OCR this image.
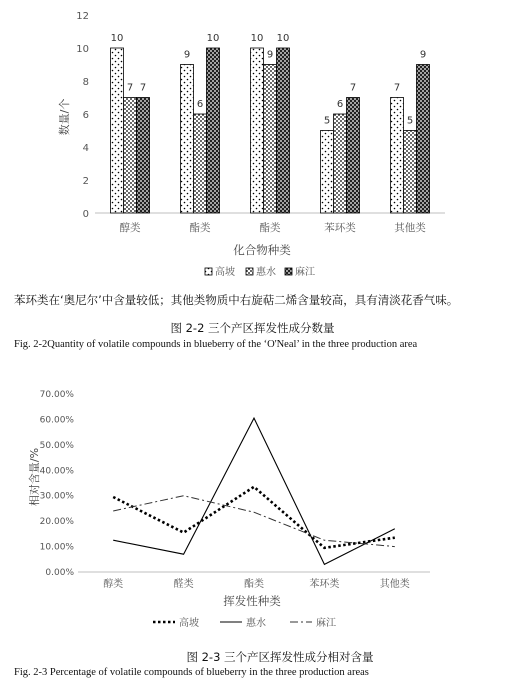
0
2
4
6
8
10
12
醇类	酯类	酯类	苯环类	其他类
10
9
10
5
7
7
6
9
6
5
7
10	10
7
9
化合物种类
数量/个
高坡 惠水 麻江
苯环类在‘奥尼尔’中含量较低；其他类物质中右旋萜二烯含量较高，具有清淡花香气味。
图 2-2 三个产区挥发性成分数量
Fig. 2-2Quantity of volatile compounds in blueberry of the ‘O'Neal’ in the three production area
0.00%
10.00%
20.00%
30.00%
40.00%
50.00%
60.00%
70.00%
醇类	醛类	酯类	苯环类	其他类
挥发性种类
相对含量/%
高坡	惠水	麻江
图 2-3 三个产区挥发性成分相对含量
Fig. 2-3 Percentage of volatile compounds of blueberry in the three production areas
